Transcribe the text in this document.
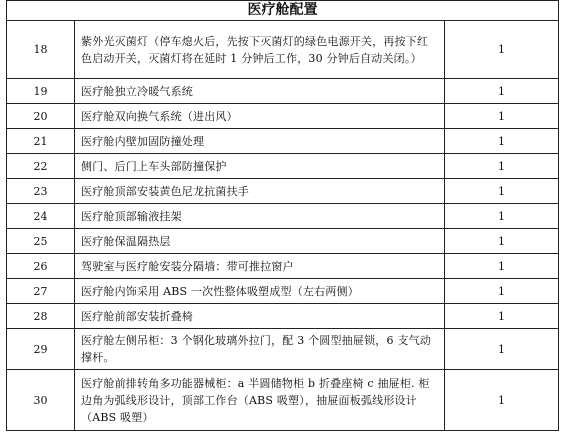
医疗舱配置		
18	紫外光灭菌灯（停车熄火后，先按下灭菌灯的绿色电源开关，再按下红色启动开关，灭菌灯将在延时 1 分钟后工作，30 分钟后自动关闭。）	1
19	医疗舱独立冷暖气系统	1
20	医疗舱双向换气系统（进出风）	1
21	医疗舱内壁加固防撞处理	1
22	侧门、后门上车头部防撞保护	1
23	医疗舱顶部安装黄色尼龙抗菌扶手	1
24	医疗舱顶部输液挂架	1
25	医疗舱保温隔热层	1
26	驾驶室与医疗舱安装分隔墙：带可推拉窗户	1
27	医疗舱内饰采用 ABS 一次性整体吸塑成型（左右两侧）	1
28	医疗舱前部安装折叠椅	1
29	医疗舱左侧吊柜：3 个钢化玻璃外拉门，配 3 个圆型抽屉锁，6 支气动撑杆。	1
30	医疗舱前排转角多功能器械柜：a 半圆储物柜 b 折叠座椅 c 抽屉柜. 柜边角为弧线形设计，顶部工作台（ABS 吸塑），抽屉面板弧线形设计（ABS 吸塑）	1
